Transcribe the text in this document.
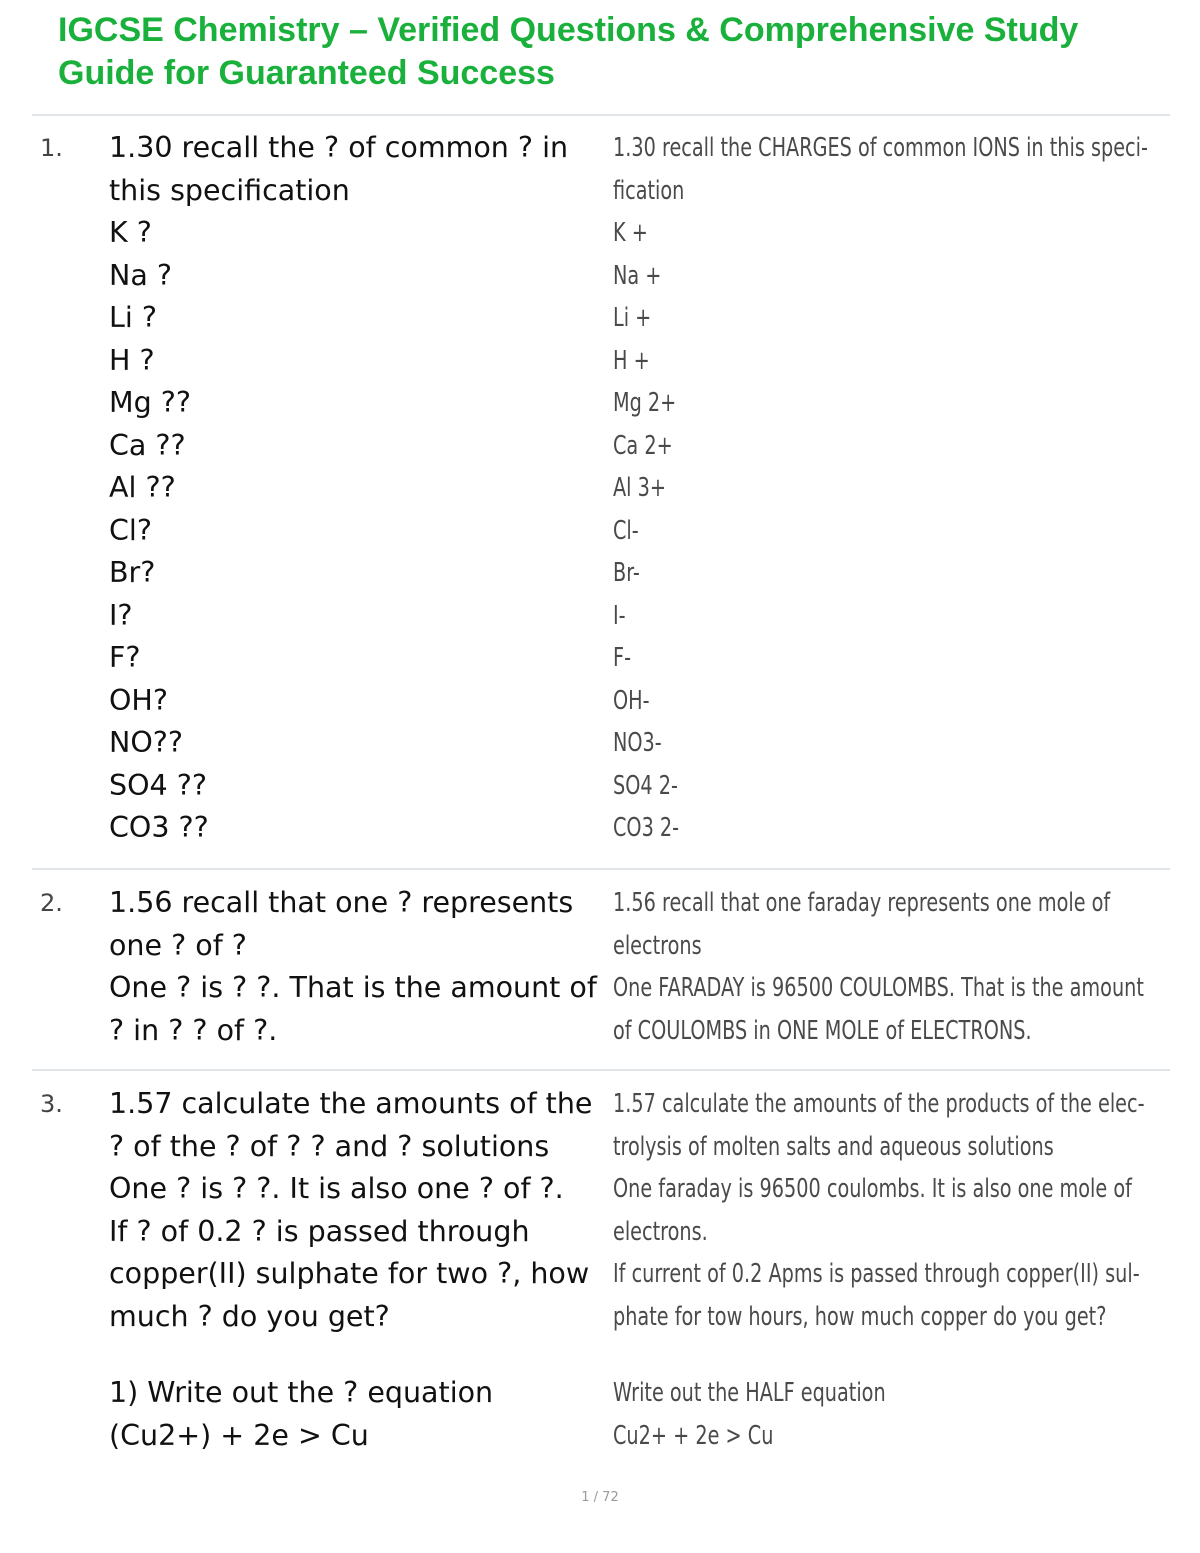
IGCSE Chemistry – Verified Questions & Comprehensive Study
Guide for Guaranteed Success
1. 1.30 recall the ? of common ? in
this specification
K ?
Na ?
Li ?
H ?
Mg ??
Ca ??
Al ??
Cl?
Br?
I?
F?
OH?
NO??
SO4 ??
CO3 ??
1.30 recall the CHARGES of common IONS in this speci-
fication
K +
Na +
Li +
H +
Mg 2+
Ca 2+
Al 3+
Cl-
Br-
I-
F-
OH-
NO3-
SO4 2-
CO3 2-
2. 1.56 recall that one ? represents
one ? of ?
One ? is ? ?. That is the amount of
? in ? ? of ?.
1.56 recall that one faraday represents one mole of
electrons
One FARADAY is 96500 COULOMBS. That is the amount
of COULOMBS in ONE MOLE of ELECTRONS.
3. 1.57 calculate the amounts of the
? of the ? of ? ? and ? solutions
One ? is ? ?. It is also one ? of ?.
If ? of 0.2 ? is passed through
copper(II) sulphate for two ?, how
much ? do you get?
1) Write out the ? equation
(Cu2+) + 2e > Cu
1.57 calculate the amounts of the products of the elec-
trolysis of molten salts and aqueous solutions
One faraday is 96500 coulombs. It is also one mole of
electrons.
If current of 0.2 Apms is passed through copper(II) sul-
phate for tow hours, how much copper do you get?
Write out the HALF equation
Cu2+ + 2e > Cu
1 / 72
